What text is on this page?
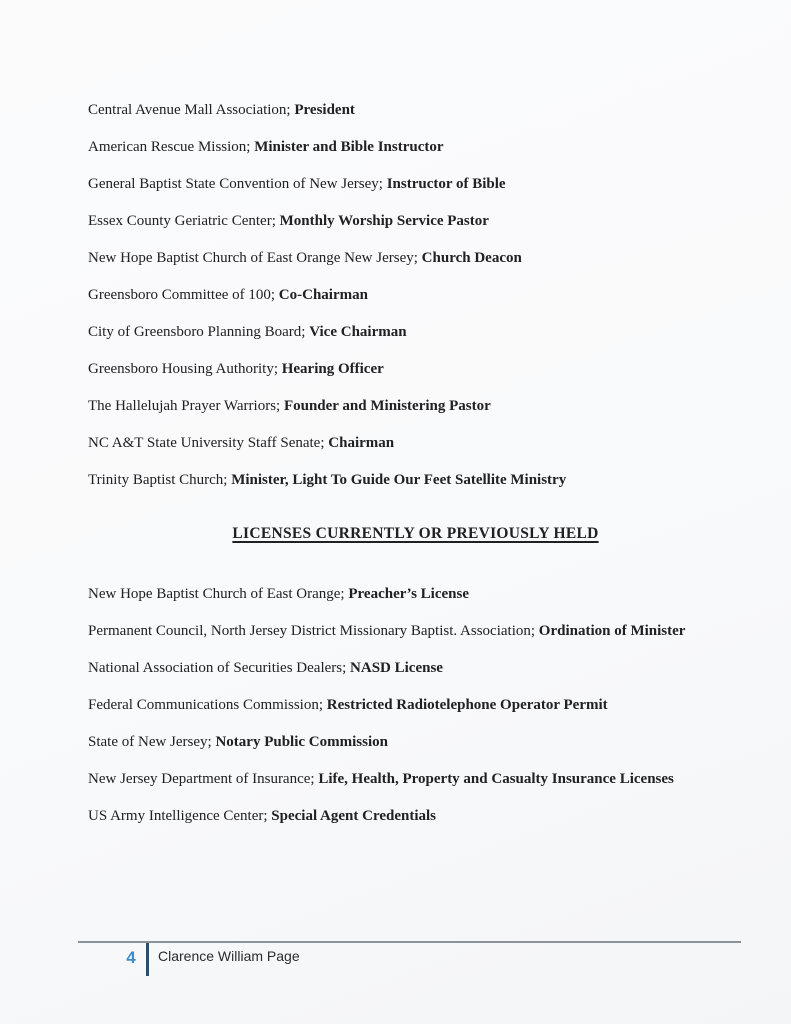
Central Avenue Mall Association; President

American Rescue Mission; Minister and Bible Instructor

General Baptist State Convention of New Jersey; Instructor of Bible

Essex County Geriatric Center; Monthly Worship Service Pastor

New Hope Baptist Church of East Orange New Jersey; Church Deacon

Greensboro Committee of 100; Co-Chairman

City of Greensboro Planning Board; Vice Chairman

Greensboro Housing Authority; Hearing Officer

The Hallelujah Prayer Warriors; Founder and Ministering Pastor

NC A&T State University Staff Senate; Chairman

Trinity Baptist Church; Minister, Light To Guide Our Feet Satellite Ministry

LICENSES CURRENTLY OR PREVIOUSLY HELD

New Hope Baptist Church of East Orange; Preacher’s License

Permanent Council, North Jersey District Missionary Baptist. Association; Ordination of Minister

National Association of Securities Dealers; NASD License

Federal Communications Commission; Restricted Radiotelephone Operator Permit

State of New Jersey; Notary Public Commission

New Jersey Department of Insurance; Life, Health, Property and Casualty Insurance Licenses

US Army Intelligence Center; Special Agent Credentials

4	Clarence William Page
